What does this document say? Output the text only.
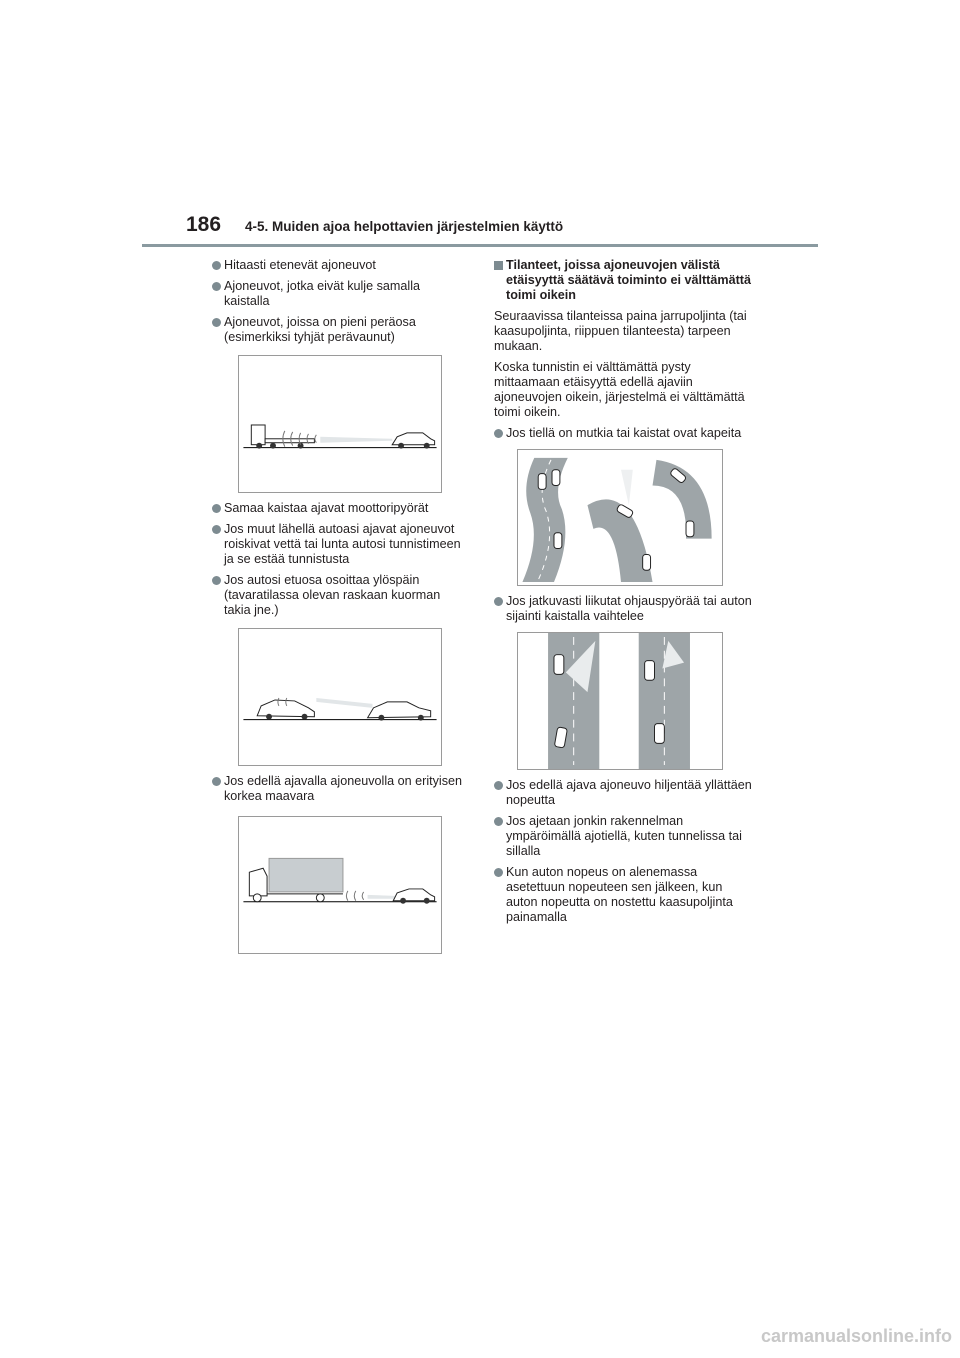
186 4-5. Muiden ajoa helpottavien järjestelmien käyttö
Hitaasti etenevät ajoneuvot
Ajoneuvot, jotka eivät kulje samalla kaistalla
Ajoneuvot, joissa on pieni peräosa (esimerkiksi tyhjät perävaunut)
Samaa kaistaa ajavat moottoripyörät
Jos muut lähellä autoasi ajavat ajoneuvot roiskivat vettä tai lunta autosi tunnistimeen ja se estää tunnistusta
Jos autosi etuosa osoittaa ylöspäin (tavaratilassa olevan raskaan kuorman takia jne.)
Jos edellä ajavalla ajoneuvolla on erityisen korkea maavara
Tilanteet, joissa ajoneuvojen välistä etäisyyttä säätävä toiminto ei välttämättä toimi oikein

Seuraavissa tilanteissa paina jarrupoljinta (tai kaasupoljinta, riippuen tilanteesta) tarpeen mukaan.

Koska tunnistin ei välttämättä pysty mittaamaan etäisyyttä edellä ajaviin ajoneuvojen oikein, järjestelmä ei välttämättä toimi oikein.

Jos tiellä on mutkia tai kaistat ovat kapeita
Jos jatkuvasti liikutat ohjauspyörää tai auton sijainti kaistalla vaihtelee
Jos edellä ajava ajoneuvo hiljentää yllättäen nopeutta
Jos ajetaan jonkin rakennelman ympäröimällä ajotiellä, kuten tunnelissa tai sillalla
Kun auton nopeus on alenemassa asetettuun nopeuteen sen jälkeen, kun auton nopeutta on nostettu kaasupoljinta painamalla
carmanualsonline.info
